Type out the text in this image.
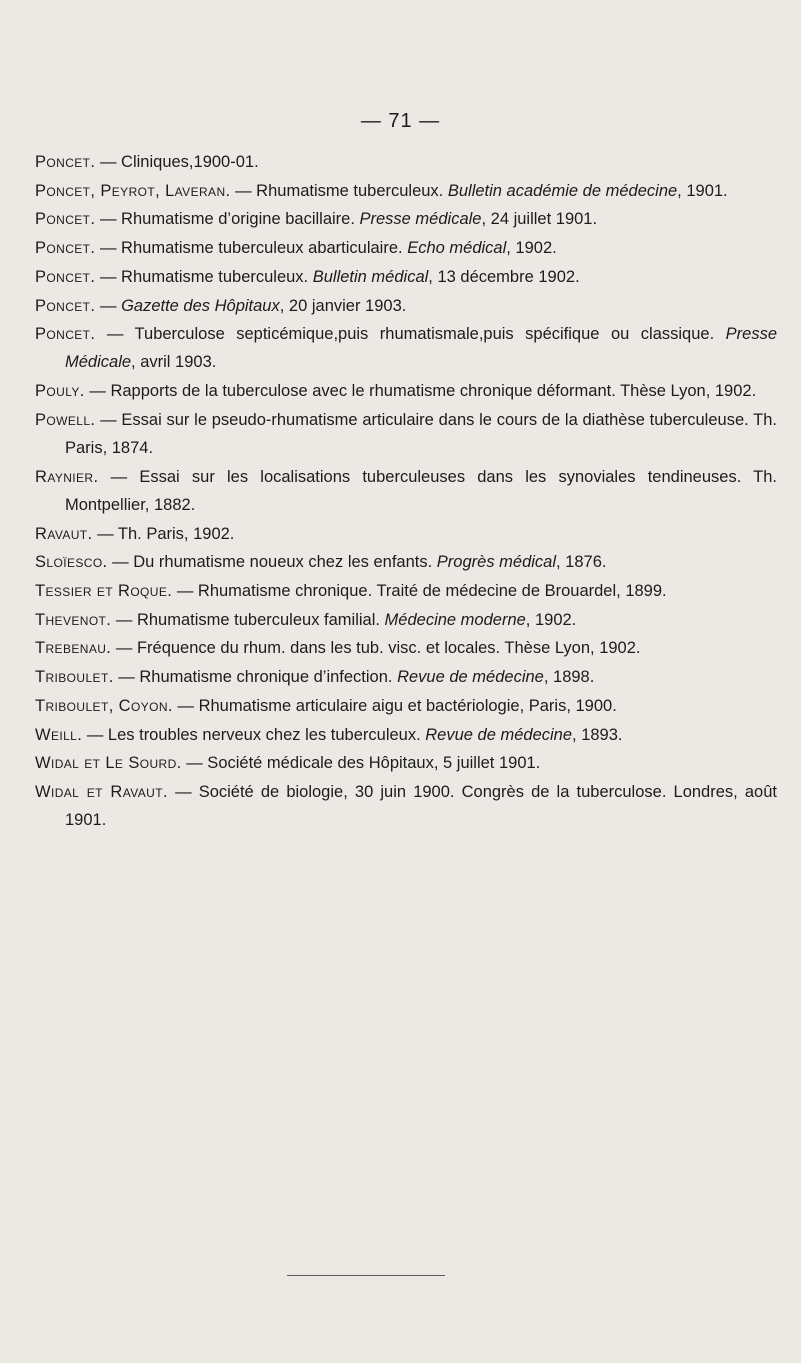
— 71 —
Poncet. — Cliniques,1900-01.
Poncet, Peyrot, Laveran. — Rhumatisme tuberculeux. Bulletin académie de médecine, 1901.
Poncet. — Rhumatisme d’origine bacillaire. Presse médicale, 24 juillet 1901.
Poncet. — Rhumatisme tuberculeux abarticulaire. Echo médical, 1902.
Poncet. — Rhumatisme tuberculeux. Bulletin médical, 13 décembre 1902.
Poncet. — Gazette des Hôpitaux, 20 janvier 1903.
Poncet. — Tuberculose septicémique,puis rhumatismale,puis spécifique ou classique. Presse Médicale, avril 1903.
Pouly. — Rapports de la tuberculose avec le rhumatisme chronique déformant. Thèse Lyon, 1902.
Powell. — Essai sur le pseudo-rhumatisme articulaire dans le cours de la diathèse tuberculeuse. Th. Paris, 1874.
Raynier. — Essai sur les localisations tuberculeuses dans les synoviales tendineuses. Th. Montpellier, 1882.
Ravaut. — Th. Paris, 1902.
Sloïesco. — Du rhumatisme noueux chez les enfants. Progrès médical, 1876.
Tessier et Roque. — Rhumatisme chronique. Traité de médecine de Brouardel, 1899.
Thevenot. — Rhumatisme tuberculeux familial. Médecine moderne, 1902.
Trebenau. — Fréquence du rhum. dans les tub. visc. et locales. Thèse Lyon, 1902.
Triboulet. — Rhumatisme chronique d’infection. Revue de médecine, 1898.
Triboulet, Coyon. — Rhumatisme articulaire aigu et bactériologie, Paris, 1900.
Weill. — Les troubles nerveux chez les tuberculeux. Revue de médecine, 1893.
Widal et Le Sourd. — Société médicale des Hôpitaux, 5 juillet 1901.
Widal et Ravaut. — Société de biologie, 30 juin 1900. Congrès de la tuberculose. Londres, août 1901.
